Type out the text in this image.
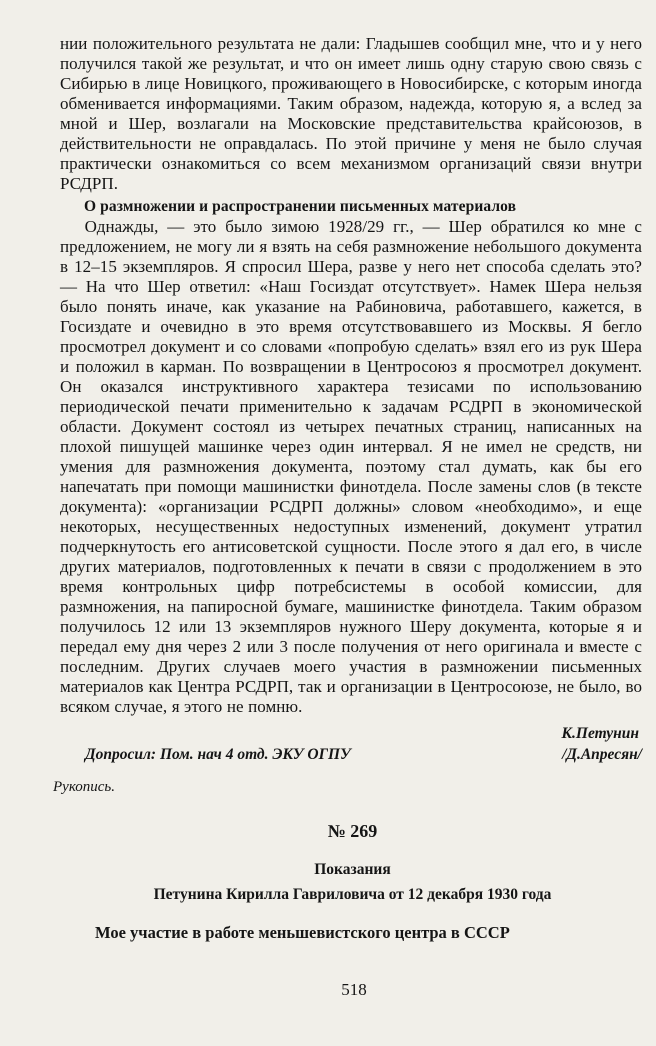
нии положительного результата не дали: Гладышев сообщил мне, что и у него получился такой же результат, и что он имеет лишь одну старую свою связь с Сибирью в лице Новицкого, проживающего в Новосибирске, с которым иногда обменивается информациями. Таким образом, надежда, которую я, а вслед за мной и Шер, возлагали на Московские представительства крайсоюзов, в действительности не оправдалась. По этой причине у меня не было случая практически ознакомиться со всем механизмом организаций связи внутри РСДРП.

О размножении и распространении письменных материалов

Однажды, — это было зимою 1928/29 гг., — Шер обратился ко мне с предложением, не могу ли я взять на себя размножение небольшого документа в 12–15 экземпляров. Я спросил Шера, разве у него нет способа сделать это? — На что Шер ответил: «Наш Госиздат отсутствует». Намек Шера нельзя было понять иначе, как указание на Рабиновича, работавшего, кажется, в Госиздате и очевидно в это время отсутствовавшего из Москвы. Я бегло просмотрел документ и со словами «попробую сделать» взял его из рук Шера и положил в карман. По возвращении в Центросоюз я просмотрел документ. Он оказался инструктивного характера тезисами по использованию периодической печати применительно к задачам РСДРП в экономической области. Документ состоял из четырех печатных страниц, написанных на плохой пишущей машинке через один интервал. Я не имел не средств, ни умения для размножения документа, поэтому стал думать, как бы его напечатать при помощи машинистки финотдела. После замены слов (в тексте документа): «организации РСДРП должны» словом «необходимо», и еще некоторых, несущественных недоступных изменений, документ утратил подчеркнутость его антисоветской сущности. После этого я дал его, в числе других материалов, подготовленных к печати в связи с продолжением в это время контрольных цифр потребсистемы в особой комиссии, для размножения, на папиросной бумаге, машинистке финотдела. Таким образом получилось 12 или 13 экземпляров нужного Шеру документа, которые я и передал ему дня через 2 или 3 после получения от него оригинала и вместе с последним. Других случаев моего участия в размножении письменных материалов как Центра РСДРП, так и организации в Центросоюзе, не было, во всяком случае, я этого не помню.

К.Петунин
Допросил: Пом. нач 4 отд. ЭКУ ОГПУ	/Д.Апресян/
Рукопись.
№ 269
Показания
Петунина Кирилла Гавриловича от 12 декабря 1930 года
Мое участие в работе меньшевистского центра в СССР
518
